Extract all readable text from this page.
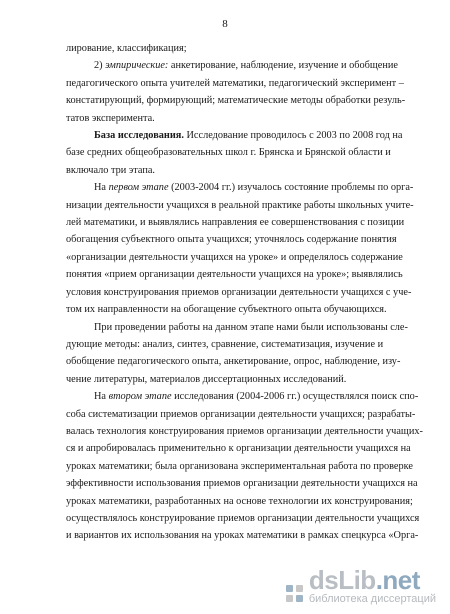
8
лирование, классификация;
2) эмпирические: анкетирование, наблюдение, изучение и обобщение
педагогического опыта учителей математики, педагогический эксперимент –
констатирующий, формирующий; математические методы обработки резуль-
татов эксперимента.
База исследования. Исследование проводилось с 2003 по 2008 год на
базе средних общеобразовательных школ г. Брянска и Брянской области и
включало три этапа.
На первом этапе (2003-2004 гг.) изучалось состояние проблемы по орга-
низации деятельности учащихся в реальной практике работы школьных учите-
лей математики, и выявлялись направления ее совершенствования с позиции
обогащения субъектного опыта учащихся; уточнялось содержание понятия
«организации деятельности учащихся на уроке» и определялось содержание
понятия «прием организации деятельности учащихся на уроке»; выявлялись
условия конструирования приемов организации деятельности учащихся с уче-
том их направленности на обогащение субъектного опыта обучающихся.
При проведении работы на данном этапе нами были использованы сле-
дующие методы: анализ, синтез, сравнение, систематизация, изучение и
обобщение педагогического опыта, анкетирование, опрос, наблюдение, изу-
чение литературы, материалов диссертационных исследований.
На втором этапе исследования (2004-2006 гг.) осуществлялся поиск спо-
соба систематизации приемов организации деятельности учащихся; разрабаты-
валась технология конструирования приемов организации деятельности учащих-
ся и апробировалась применительно к организации деятельности учащихся на
уроках математики; была организована экспериментальная работа по проверке
эффективности использования приемов организации деятельности учащихся на
уроках математики, разработанных на основе технологии их конструирования;
осуществлялось конструирование приемов организации деятельности учащихся
и вариантов их использования на уроках математики в рамках спецкурса «Орга-
dsLib.net
библиотека диссертаций
